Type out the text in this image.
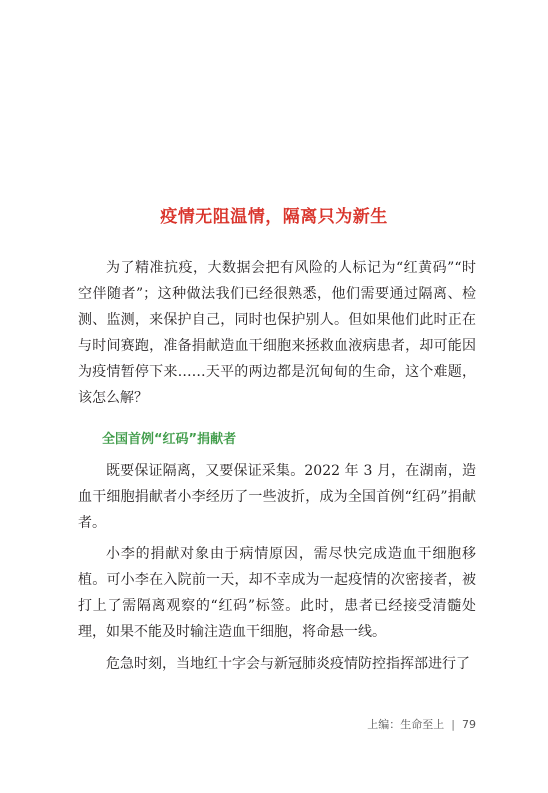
疫情无阻温情，隔离只为新生

为了精准抗疫，大数据会把有风险的人标记为“红黄码”“时空伴随者”；这种做法我们已经很熟悉，他们需要通过隔离、检测、监测，来保护自己，同时也保护别人。但如果他们此时正在与时间赛跑，准备捐献造血干细胞来拯救血液病患者，却可能因为疫情暂停下来……天平的两边都是沉甸甸的生命，这个难题，该怎么解？

全国首例“红码”捐献者

既要保证隔离，又要保证采集。2022 年 3 月，在湖南，造血干细胞捐献者小李经历了一些波折，成为全国首例“红码”捐献者。

小李的捐献对象由于病情原因，需尽快完成造血干细胞移植。可小李在入院前一天，却不幸成为一起疫情的次密接者，被打上了需隔离观察的“红码”标签。此时，患者已经接受清髓处理，如果不能及时输注造血干细胞，将命悬一线。

危急时刻，当地红十字会与新冠肺炎疫情防控指挥部进行了

上编：生命至上 | 79
